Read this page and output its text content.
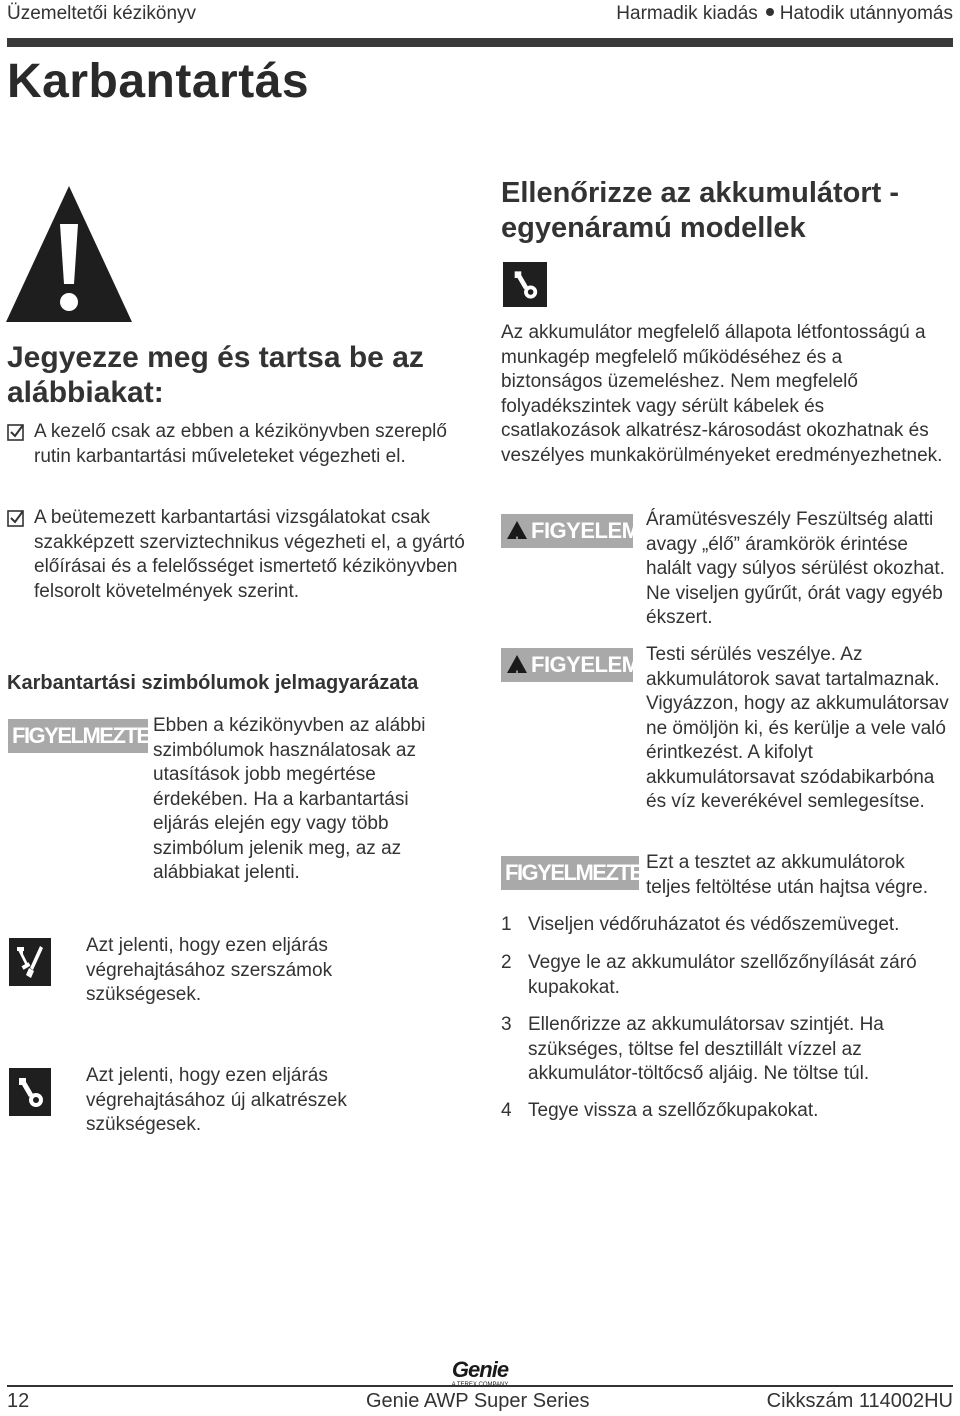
Üzemeltetői kézikönyv	Harmadik kiadás Hatodik utánnyomás
Karbantartás
Jegyezze meg és tartsa be az alábbiakat:
A kezelő csak az ebben a kézikönyvben szereplő rutin karbantartási műveleteket végezheti el.
A beütemezett karbantartási vizsgálatokat csak szakképzett szerviztechnikus végezheti el, a gyártó előírásai és a felelősséget ismertető kézikönyvben felsorolt követelmények szerint.
Karbantartási szimbólumok jelmagyarázata
FIGYELMEZTETÉS
Ebben a kézikönyvben az alábbi szimbólumok használatosak az utasítások jobb megértése érdekében. Ha a karbantartási eljárás elején egy vagy több szimbólum jelenik meg, az az alábbiakat jelenti.
Azt jelenti, hogy ezen eljárás végrehajtásához szerszámok szükségesek.
Azt jelenti, hogy ezen eljárás végrehajtásához új alkatrészek szükségesek.
Ellenőrizze az akkumulátort - egyenáramú modellek
Az akkumulátor megfelelő állapota létfontosságú a munkagép megfelelő működéséhez és a biztonságos üzemeléshez. Nem megfelelő folyadékszintek vagy sérült kábelek és csatlakozások alkatrész-károsodást okozhatnak és veszélyes munkakörülményeket eredményezhetnek.
!FIGYELEM Áramütésveszély Feszültség alatti avagy „élő” áramkörök érintése halált vagy súlyos sérülést okozhat. Ne viseljen gyűrűt, órát vagy egyéb ékszert.
!FIGYELEM Testi sérülés veszélye. Az akkumulátorok savat tartalmaznak. Vigyázzon, hogy az akkumulátorsav ne ömöljön ki, és kerülje a vele való érintkezést. A kifolyt akkumulátorsavat szódabikarbóna és víz keverékével semlegesítse.
FIGYELMEZTETÉS
Ezt a tesztet az akkumulátorok teljes feltöltése után hajtsa végre.
1 Viseljen védőruházatot és védőszemüveget.
2 Vegye le az akkumulátor szellőzőnyílását záró kupakokat.
3 Ellenőrizze az akkumulátorsav szintjét. Ha szükséges, töltse fel desztillált vízzel az akkumulátor-töltőcső aljáig. Ne töltse túl.
4 Tegye vissza a szellőzőkupakokat.
Genie
12	Genie AWP Super Series	Cikkszám 114002HU
